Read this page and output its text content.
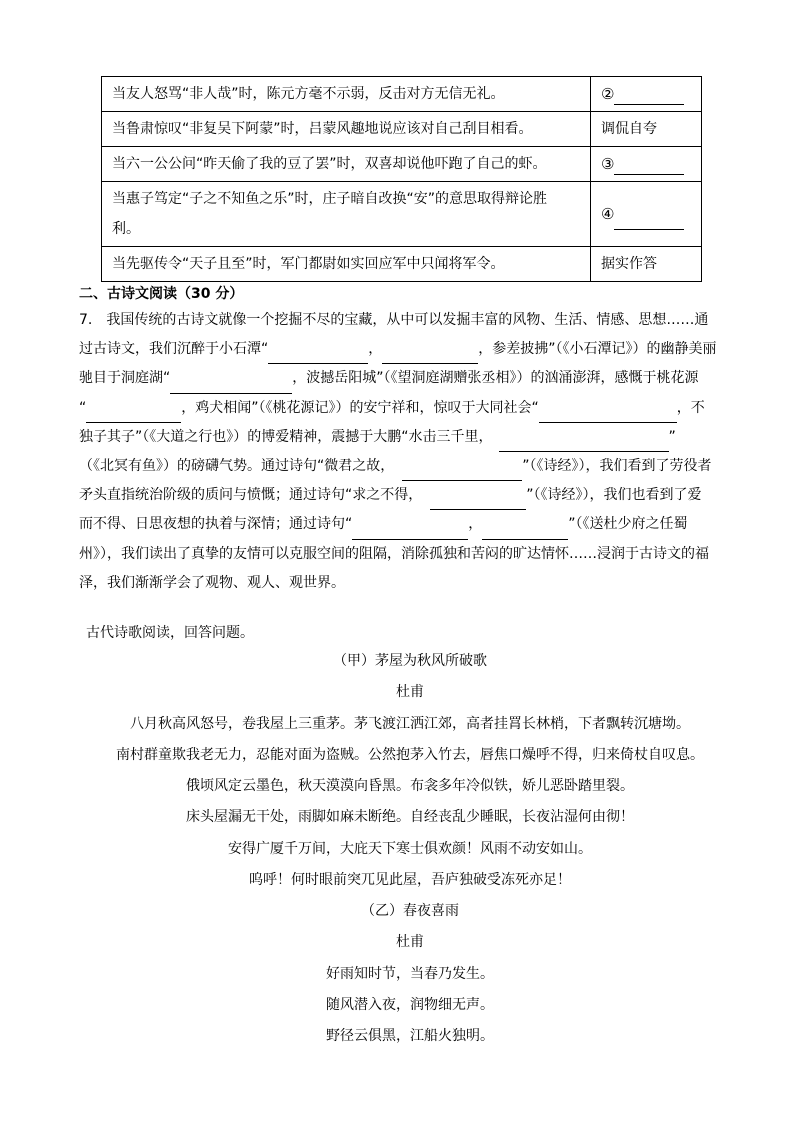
当友人怒骂“非人哉”时，陈元方毫不示弱，反击对方无信无礼。	②
当鲁肃惊叹“非复吴下阿蒙”时，吕蒙风趣地说应该对自己刮目相看。	调侃自夸
当六一公公问“昨天偷了我的豆了罢”时，双喜却说他吓跑了自己的虾。	③
当惠子笃定“子之不知鱼之乐”时，庄子暗自改换“安”的意思取得辩论胜
利。	④
当先驱传令“天子且至”时，军门都尉如实回应军中只闻将军令。	据实作答
二、古诗文阅读（30 分）
7.　我国传统的古诗文就像一个挖掘不尽的宝藏，从中可以发掘丰富的风物、生活、情感、思想……通
过古诗文，我们沉醉于小石潭“	，	，参差披拂”（《小石潭记》）的幽静美丽
驰目于洞庭湖“	，波撼岳阳城”（《望洞庭湖赠张丞相》）的汹涌澎湃，感慨于桃花源
“	，鸡犬相闻”（《桃花源记》）的安宁祥和，惊叹于大同社会“	，不
独子其子”（《大道之行也》）的博爱精神，震撼于大鹏“水击三千里，	”
（《北冥有鱼》）的磅礴气势。通过诗句“微君之故，	”（《诗经》），我们看到了劳役者
矛头直指统治阶级的质问与愤慨；通过诗句“求之不得，	”（《诗经》），我们也看到了爱
而不得、日思夜想的执着与深情；通过诗句“	，	”（《送杜少府之任蜀
州》），我们读出了真挚的友情可以克服空间的阻隔，消除孤独和苦闷的旷达情怀……浸润于古诗文的福
泽，我们渐渐学会了观物、观人、观世界。
古代诗歌阅读，回答问题。
（甲）茅屋为秋风所破歌
杜甫
八月秋高风怒号，卷我屋上三重茅。茅飞渡江洒江郊，高者挂罥长林梢，下者飘转沉塘坳。
南村群童欺我老无力，忍能对面为盗贼。公然抱茅入竹去，唇焦口燥呼不得，归来倚杖自叹息。
俄顷风定云墨色，秋天漠漠向昏黑。布衾多年冷似铁，娇儿恶卧踏里裂。
床头屋漏无干处，雨脚如麻未断绝。自经丧乱少睡眠，长夜沾湿何由彻！
安得广厦千万间，大庇天下寒士俱欢颜！风雨不动安如山。
呜呼！何时眼前突兀见此屋，吾庐独破受冻死亦足！
（乙）春夜喜雨
杜甫
好雨知时节，当春乃发生。
随风潜入夜，润物细无声。
野径云俱黑，江船火独明。
